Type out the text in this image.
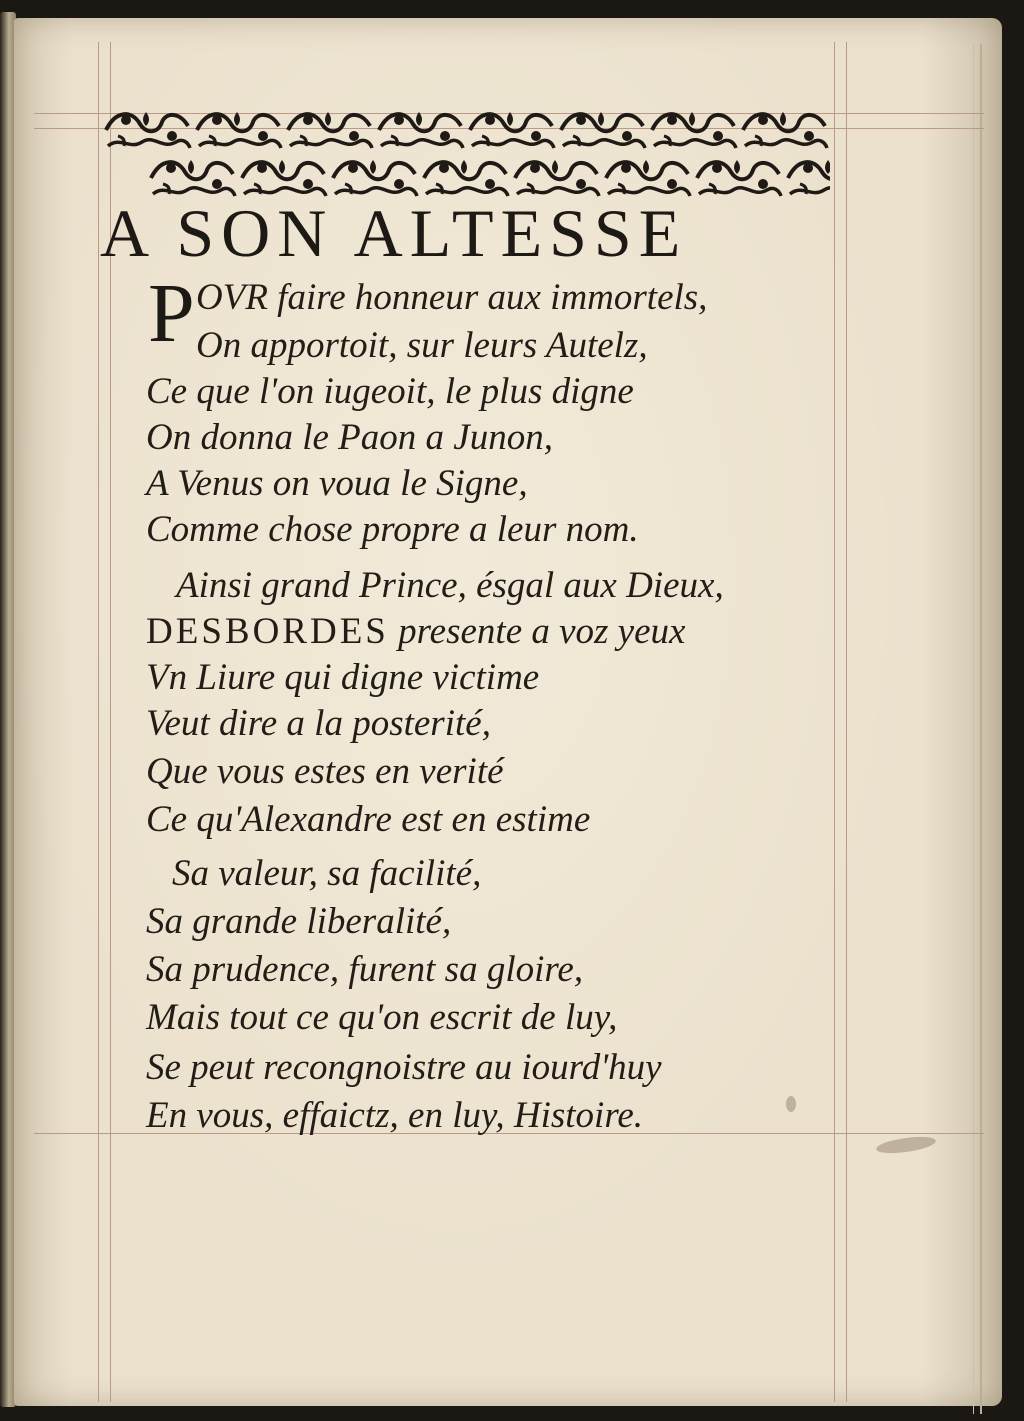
A SON ALTESSE
P OVR faire honneur aux immortels,
On apportoit, sur leurs Autelz,
Ce que l'on iugeoit, le plus digne
On donna le Paon a Junon,
A Venus on voua le Signe,
Comme chose propre a leur nom.
Ainsi grand Prince, ésgal aux Dieux,
DESBORDES presente a voz yeux
Vn Liure qui digne victime
Veut dire a la posterité,
Que vous estes en verité
Ce qu'Alexandre est en estime
Sa valeur, sa facilité,
Sa grande liberalité,
Sa prudence, furent sa gloire,
Mais tout ce qu'on escrit de luy,
Se peut recongnoistre au iourd'huy
En vous, effaictz, en luy, Histoire.
